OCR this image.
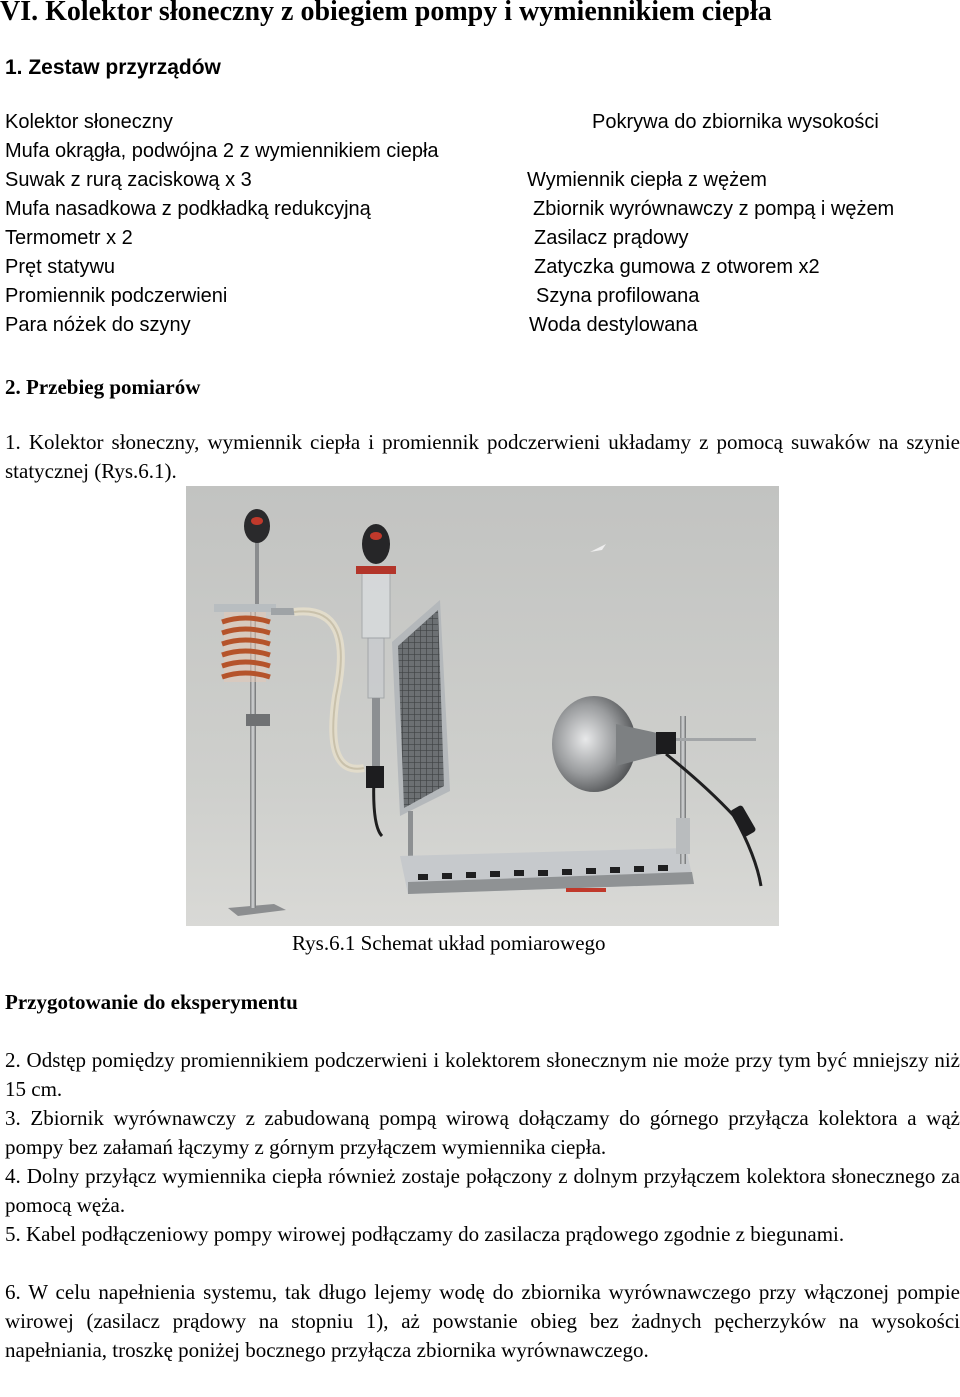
VI. Kolektor słoneczny z obiegiem pompy i wymiennikiem ciepła
1. Zestaw przyrządów
Kolektor słoneczny	Pokrywa do zbiornika wysokości
Mufa okrągła, podwójna 2 z wymiennikiem ciepła
Suwak z rurą zaciskową x 3	Wymiennik ciepła z wężem
Mufa nasadkowa z podkładką redukcyjną	Zbiornik wyrównawczy z pompą i wężem
Termometr x 2	Zasilacz prądowy
Pręt statywu	Zatyczka gumowa z otworem x2
Promiennik podczerwieni	Szyna profilowana
Para nóżek do szyny	Woda destylowana
2. Przebieg pomiarów

1. Kolektor słoneczny, wymiennik ciepła i promiennik podczerwieni układamy z pomocą suwaków na szynie statycznej (Rys.6.1).

Rys.6.1 Schemat układ pomiarowego

Przygotowanie do eksperymentu

2. Odstęp pomiędzy promiennikiem podczerwieni i kolektorem słonecznym nie może przy tym być mniejszy niż 15 cm.

3. Zbiornik wyrównawczy z zabudowaną pompą wirową dołączamy do górnego przyłącza kolektora a wąż pompy bez załamań łączymy z górnym przyłączem wymiennika ciepła.

4. Dolny przyłącz wymiennika ciepła również zostaje połączony z dolnym przyłączem kolektora słonecznego za pomocą węża.

5. Kabel podłączeniowy pompy wirowej podłączamy do zasilacza prądowego zgodnie z biegunami.

6. W celu napełnienia systemu, tak długo lejemy wodę do zbiornika wyrównawczego przy włączonej pompie wirowej (zasilacz prądowy na stopniu 1), aż powstanie obieg bez żadnych pęcherzyków na wysokości napełniania, troszkę poniżej bocznego przyłącza zbiornika wyrównawczego.
